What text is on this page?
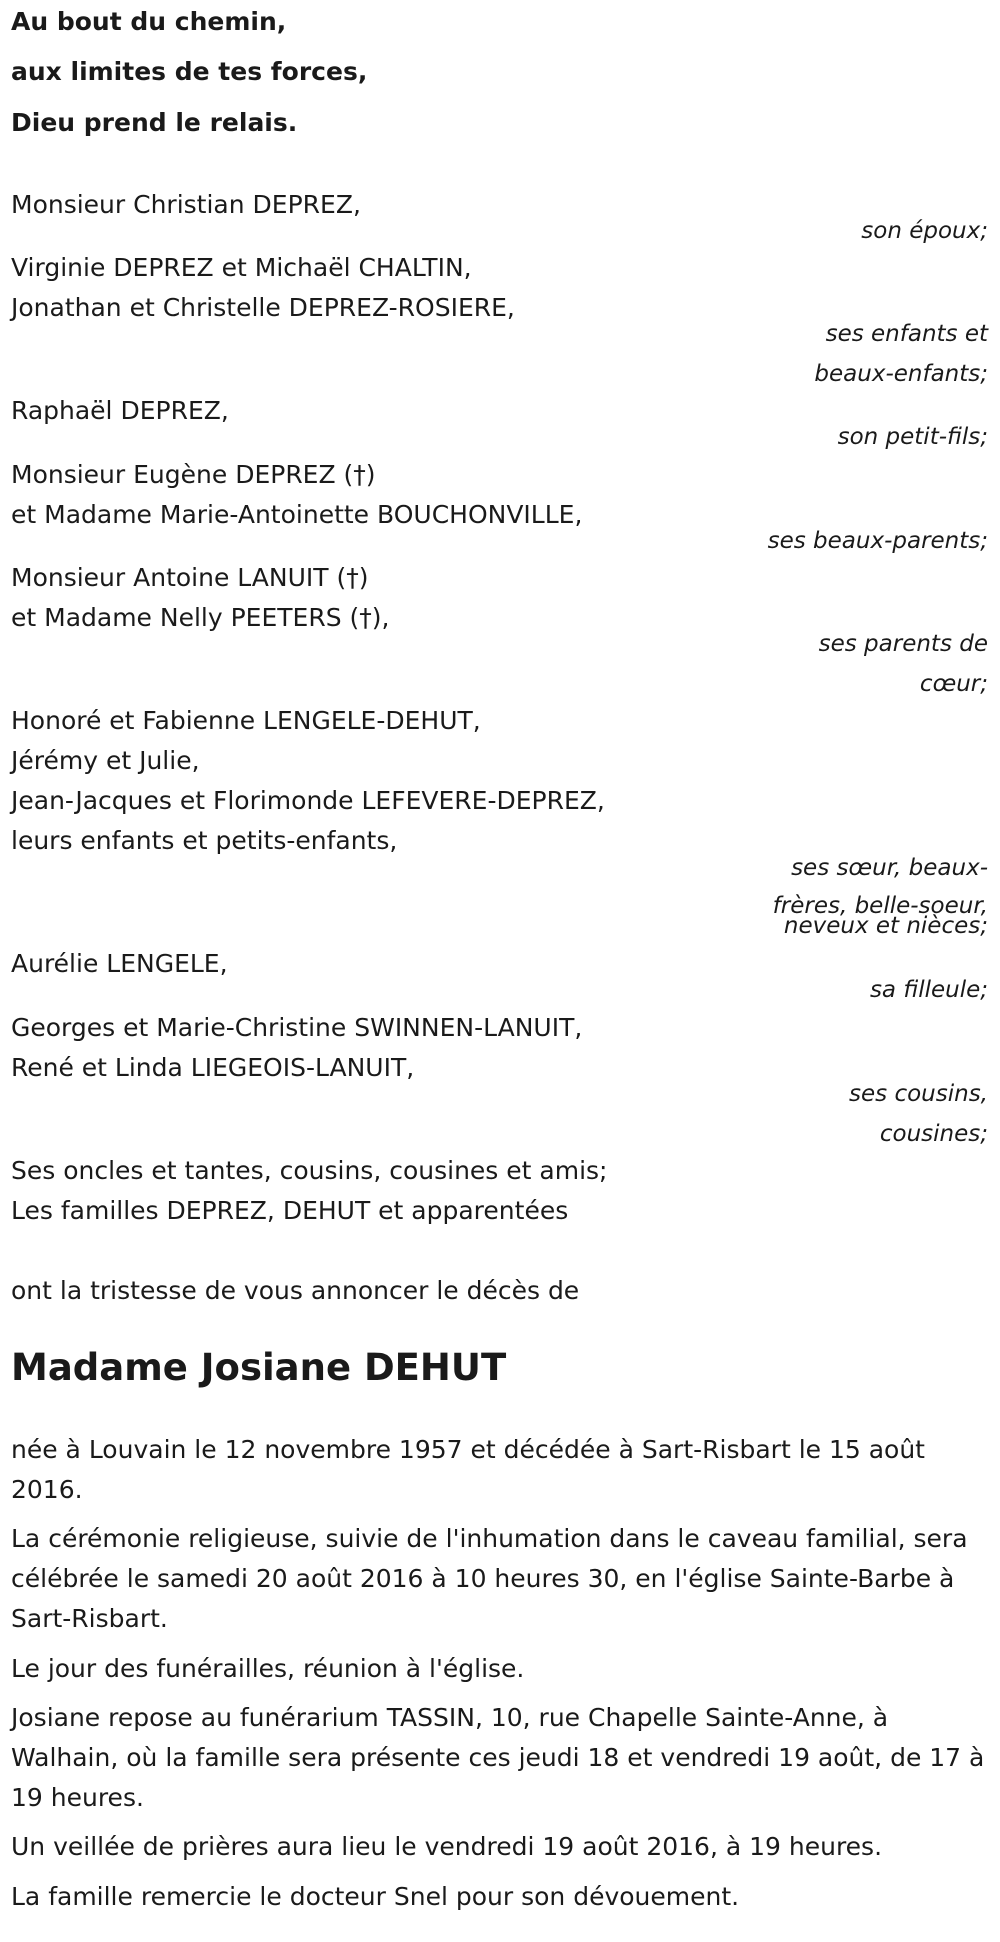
Au bout du chemin,

aux limites de tes forces,

Dieu prend le relais.

Monsieur Christian DEPREZ,

son époux;

Virginie DEPREZ et Michaël CHALTIN,

Jonathan et Christelle DEPREZ-ROSIERE,

ses enfants et

beaux-enfants;

Raphaël DEPREZ,

son petit-fils;

Monsieur Eugène DEPREZ (†)

et Madame Marie-Antoinette BOUCHONVILLE,

ses beaux-parents;

Monsieur Antoine LANUIT (†)

et Madame Nelly PEETERS (†),

ses parents de

cœur;

Honoré et Fabienne LENGELE-DEHUT,

Jérémy et Julie,

Jean-Jacques et Florimonde LEFEVERE-DEPREZ,

leurs enfants et petits-enfants,

ses sœur, beaux-

frères, belle-soeur,

neveux et nièces;

Aurélie LENGELE,

sa filleule;

Georges et Marie-Christine SWINNEN-LANUIT,

René et Linda LIEGEOIS-LANUIT,

ses cousins,

cousines;

Ses oncles et tantes, cousins, cousines et amis;

Les familles DEPREZ, DEHUT et apparentées

ont la tristesse de vous annoncer le décès de

Madame Josiane DEHUT

née à Louvain le 12 novembre 1957 et décédée à Sart-Risbart le 15 août 2016.

La cérémonie religieuse, suivie de l'inhumation dans le caveau familial, sera célébrée le samedi 20 août 2016 à 10 heures 30, en l'église Sainte-Barbe à Sart-Risbart.

Le jour des funérailles, réunion à l'église.

Josiane repose au funérarium TASSIN, 10, rue Chapelle Sainte-Anne, à Walhain, où la famille sera présente ces jeudi 18 et vendredi 19 août, de 17 à 19 heures.

Un veillée de prières aura lieu le vendredi 19 août 2016, à 19 heures.

La famille remercie le docteur Snel pour son dévouement.
